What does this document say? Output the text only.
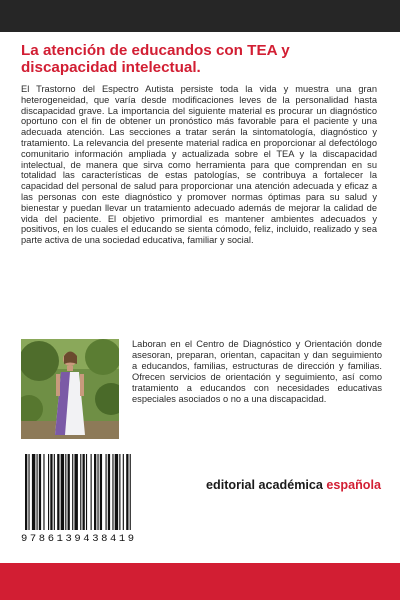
La atención de educandos con TEA y discapacidad intelectual.

El Trastorno del Espectro Autista persiste toda la vida y muestra una gran heterogeneidad, que varía desde modificaciones leves de la personalidad hasta discapacidad grave. La importancia del siguiente material es procurar un diagnóstico oportuno con el fin de obtener un pronóstico más favorable para el paciente y una adecuada atención. Las secciones a tratar serán la sintomatología, diagnóstico y tratamiento. La relevancia del presente material radica en proporcionar al defectólogo comunitario información ampliada y actualizada sobre el TEA y la discapacidad intelectual, de manera que sirva como herramienta para que comprendan en su totalidad las características de estas patologías, se contribuya a fortalecer la capacidad del personal de salud para proporcionar una atención adecuada y eficaz a las personas con este diagnóstico y promover normas óptimas para su salud y bienestar y puedan llevar un tratamiento adecuado además de mejorar la calidad de vida del paciente. El objetivo primordial es mantener ambientes adecuados y positivos, en los cuales el educando se sienta cómodo, feliz, incluido, realizado y sea parte activa de una sociedad educativa, familiar y social.

Laboran en el Centro de Diagnóstico y Orientación donde asesoran, preparan, orientan, capacitan y dan seguimiento a educandos, familias, estructuras de dirección y familias. Ofrecen servicios de orientación y seguimiento, así como tratamiento a educandos con necesidades educativas especiales asociados o no a una discapacidad.

9786139438419
editorial académica española
